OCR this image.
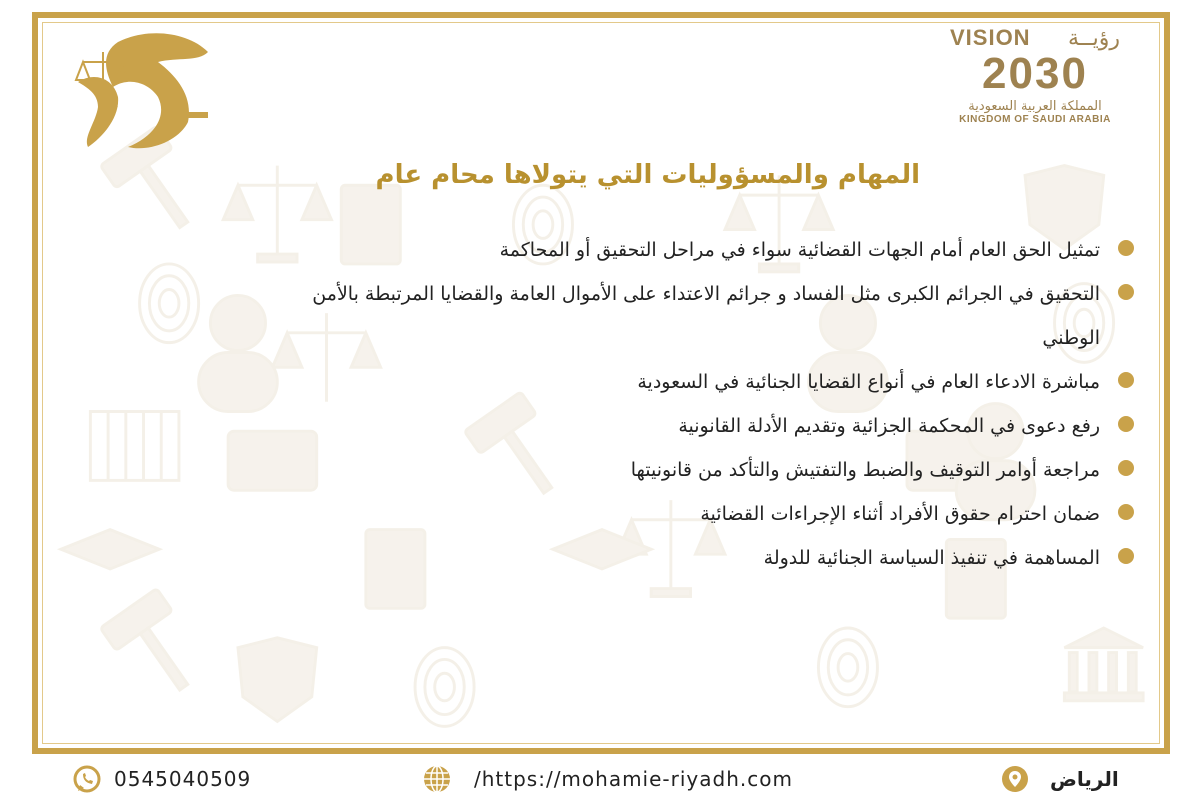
محامي
VISION رؤيــة
2030
المملكة العربية السعودية
KINGDOM OF SAUDI ARABIA
المهام والمسؤوليات التي يتولاها محام عام
تمثيل الحق العام أمام الجهات القضائية سواء في مراحل التحقيق أو المحاكمة
التحقيق في الجرائم الكبرى مثل الفساد و جرائم الاعتداء على الأموال العامة والقضايا المرتبطة بالأمن الوطني
مباشرة الادعاء العام في أنواع القضايا الجنائية في السعودية
رفع دعوى في المحكمة الجزائية وتقديم الأدلة القانونية
مراجعة أوامر التوقيف والضبط والتفتيش والتأكد من قانونيتها
ضمان احترام حقوق الأفراد أثناء الإجراءات القضائية
المساهمة في تنفيذ السياسة الجنائية للدولة
0545040509	/https://mohamie-riyadh.com	الرياض
